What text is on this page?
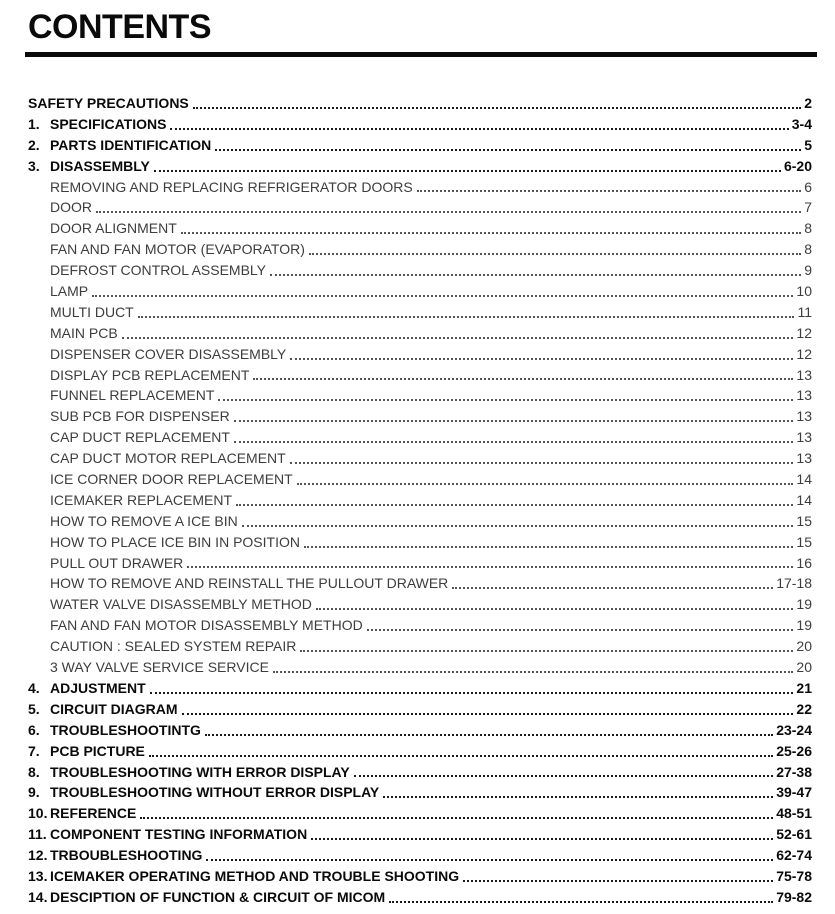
CONTENTS
SAFETY PRECAUTIONS	2
1. SPECIFICATIONS	3-4
2. PARTS IDENTIFICATION	5
3. DISASSEMBLY	6-20
REMOVING AND REPLACING REFRIGERATOR DOORS	6
DOOR	7
DOOR ALIGNMENT	8
FAN AND FAN MOTOR (EVAPORATOR)	8
DEFROST CONTROL ASSEMBLY	9
LAMP	10
MULTI DUCT	11
MAIN PCB	12
DISPENSER COVER DISASSEMBLY	12
DISPLAY PCB REPLACEMENT	13
FUNNEL REPLACEMENT	13
SUB PCB FOR DISPENSER	13
CAP DUCT REPLACEMENT	13
CAP DUCT MOTOR REPLACEMENT	13
ICE CORNER DOOR REPLACEMENT	14
ICEMAKER REPLACEMENT	14
HOW TO REMOVE A ICE BIN	15
HOW TO PLACE ICE BIN IN POSITION	15
PULL OUT DRAWER	16
HOW TO REMOVE AND REINSTALL THE PULLOUT DRAWER	17-18
WATER VALVE DISASSEMBLY METHOD	19
FAN AND FAN MOTOR DISASSEMBLY METHOD	19
CAUTION : SEALED SYSTEM REPAIR	20
3 WAY VALVE SERVICE SERVICE	20
4. ADJUSTMENT	21
5. CIRCUIT DIAGRAM	22
6. TROUBLESHOOTINTG	23-24
7. PCB PICTURE	25-26
8. TROUBLESHOOTING WITH ERROR DISPLAY	27-38
9. TROUBLESHOOTING WITHOUT ERROR DISPLAY	39-47
10. REFERENCE	48-51
11. COMPONENT TESTING INFORMATION	52-61
12. TRBOUBLESHOOTING	62-74
13. ICEMAKER OPERATING METHOD AND TROUBLE SHOOTING	75-78
14. DESCIPTION OF FUNCTION & CIRCUIT OF MICOM	79-82
